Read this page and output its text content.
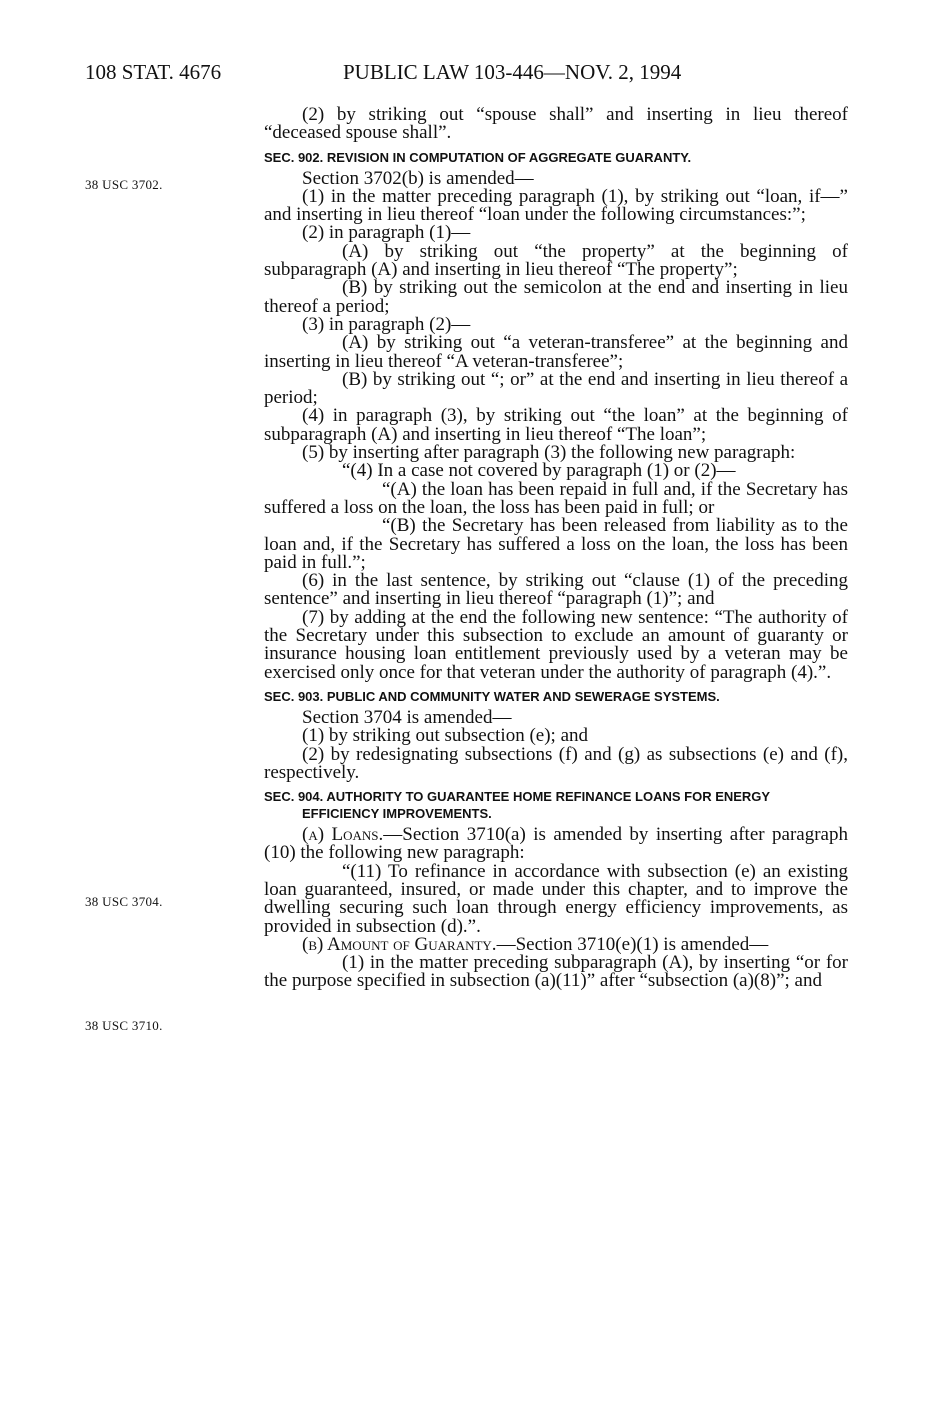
108 STAT. 4676	PUBLIC LAW 103-446—NOV. 2, 1994
38 USC 3702.
38 USC 3704.
38 USC 3710.

(2) by striking out “spouse shall” and inserting in lieu thereof “deceased spouse shall”.

SEC. 902. REVISION IN COMPUTATION OF AGGREGATE GUARANTY.

Section 3702(b) is amended—

(1) in the matter preceding paragraph (1), by striking out “loan, if—” and inserting in lieu thereof “loan under the following circumstances:”;

(2) in paragraph (1)—

(A) by striking out “the property” at the beginning of subparagraph (A) and inserting in lieu thereof “The property”;

(B) by striking out the semicolon at the end and inserting in lieu thereof a period;

(3) in paragraph (2)—

(A) by striking out “a veteran-transferee” at the beginning and inserting in lieu thereof “A veteran-transferee”;

(B) by striking out “; or” at the end and inserting in lieu thereof a period;

(4) in paragraph (3), by striking out “the loan” at the beginning of subparagraph (A) and inserting in lieu thereof “The loan”;

(5) by inserting after paragraph (3) the following new paragraph:

“(4) In a case not covered by paragraph (1) or (2)—

“(A) the loan has been repaid in full and, if the Secretary has suffered a loss on the loan, the loss has been paid in full; or

“(B) the Secretary has been released from liability as to the loan and, if the Secretary has suffered a loss on the loan, the loss has been paid in full.”;

(6) in the last sentence, by striking out “clause (1) of the preceding sentence” and inserting in lieu thereof “paragraph (1)”; and

(7) by adding at the end the following new sentence: “The authority of the Secretary under this subsection to exclude an amount of guaranty or insurance housing loan entitlement previously used by a veteran may be exercised only once for that veteran under the authority of paragraph (4).”.

SEC. 903. PUBLIC AND COMMUNITY WATER AND SEWERAGE SYSTEMS.

Section 3704 is amended—

(1) by striking out subsection (e); and

(2) by redesignating subsections (f) and (g) as subsections (e) and (f), respectively.

SEC. 904. AUTHORITY TO GUARANTEE HOME REFINANCE LOANS FOR ENERGY EFFICIENCY IMPROVEMENTS.

(a) Loans.—Section 3710(a) is amended by inserting after paragraph (10) the following new paragraph:

“(11) To refinance in accordance with subsection (e) an existing loan guaranteed, insured, or made under this chapter, and to improve the dwelling securing such loan through energy efficiency improvements, as provided in subsection (d).”.

(b) Amount of Guaranty.—Section 3710(e)(1) is amended—

(1) in the matter preceding subparagraph (A), by inserting “or for the purpose specified in subsection (a)(11)” after “subsection (a)(8)”; and
